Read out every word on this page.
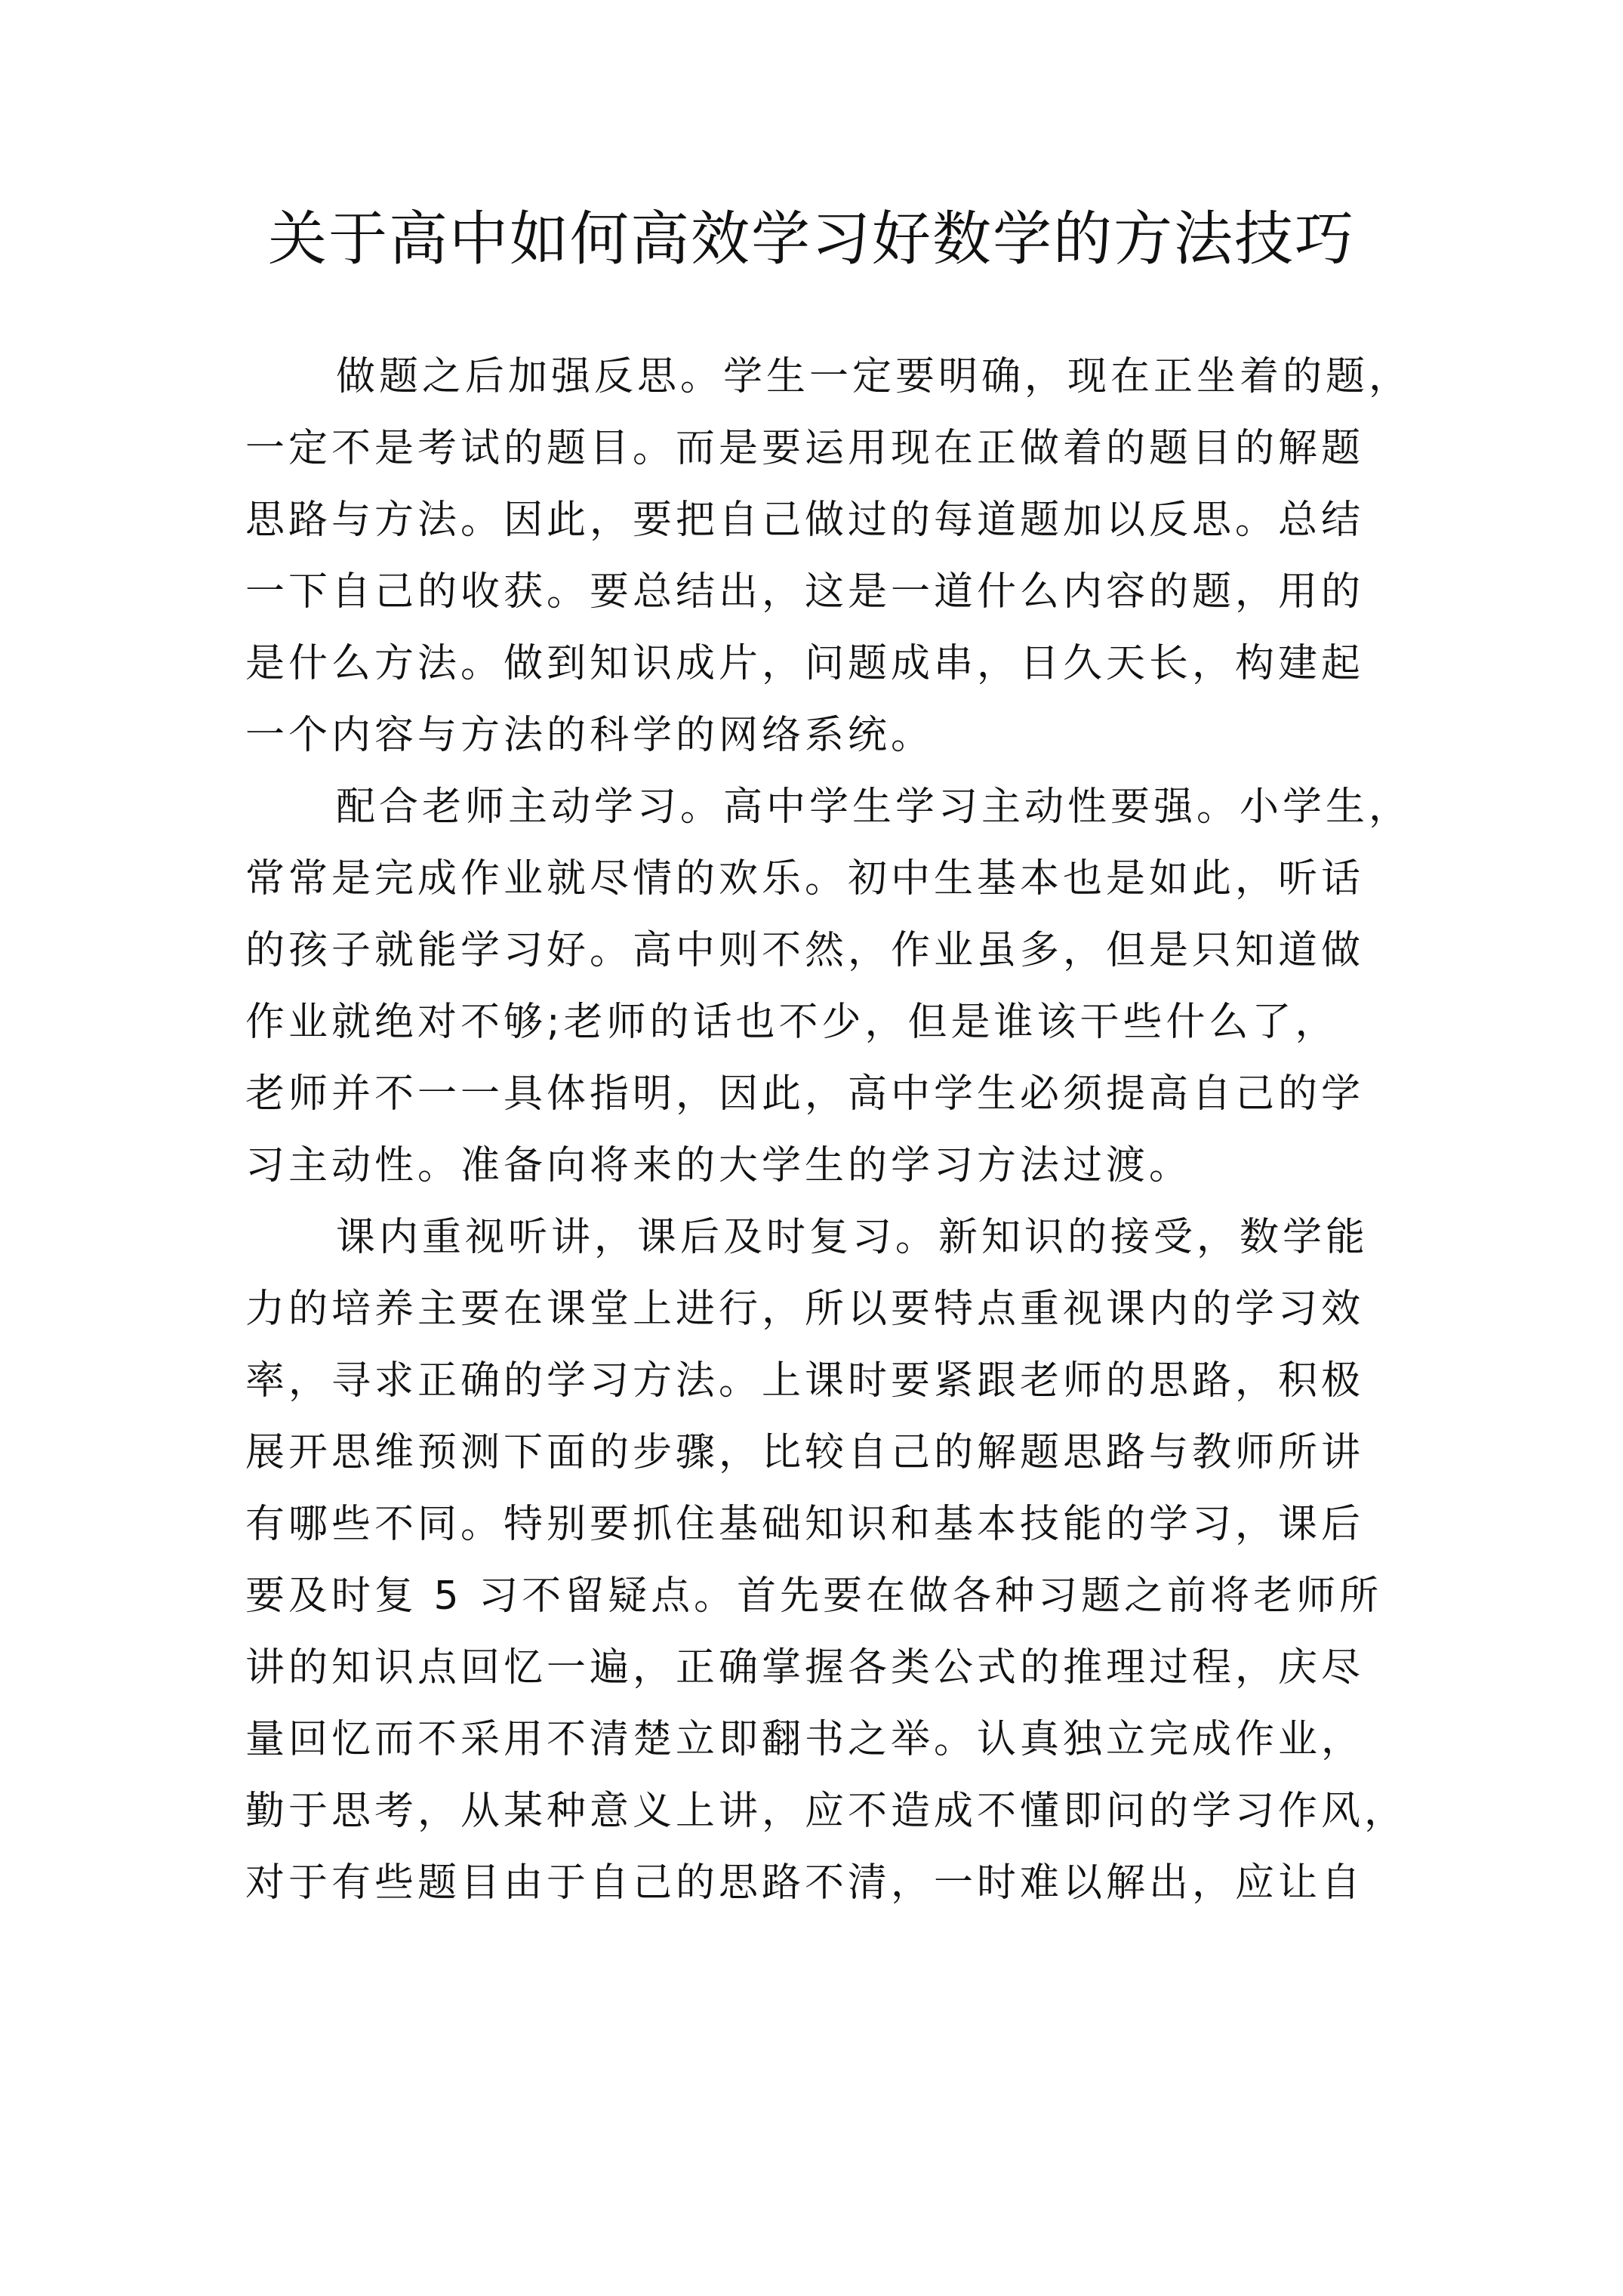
关于高中如何高效学习好数学的方法技巧
做题之后加强反思。学生一定要明确，现在正坐着的题，
一定不是考试的题目。而是要运用现在正做着的题目的解题
思路与方法。因此，要把自己做过的每道题加以反思。总结
一下自己的收获。要总结出，这是一道什么内容的题，用的
是什么方法。做到知识成片，问题成串，日久天长，构建起
一个内容与方法的科学的网络系统。
配合老师主动学习。高中学生学习主动性要强。小学生，
常常是完成作业就尽情的欢乐。初中生基本也是如此，听话
的孩子就能学习好。高中则不然，作业虽多，但是只知道做
作业就绝对不够;老师的话也不少，但是谁该干些什么了，
老师并不一一具体指明，因此，高中学生必须提高自己的学
习主动性。准备向将来的大学生的学习方法过渡。
课内重视听讲，课后及时复习。新知识的接受，数学能
力的培养主要在课堂上进行，所以要特点重视课内的学习效
率，寻求正确的学习方法。上课时要紧跟老师的思路，积极
展开思维预测下面的步骤，比较自己的解题思路与教师所讲
有哪些不同。特别要抓住基础知识和基本技能的学习，课后
要及时复 5 习不留疑点。首先要在做各种习题之前将老师所
讲的知识点回忆一遍，正确掌握各类公式的推理过程，庆尽
量回忆而不采用不清楚立即翻书之举。认真独立完成作业，
勤于思考，从某种意义上讲，应不造成不懂即问的学习作风，
对于有些题目由于自己的思路不清，一时难以解出，应让自
